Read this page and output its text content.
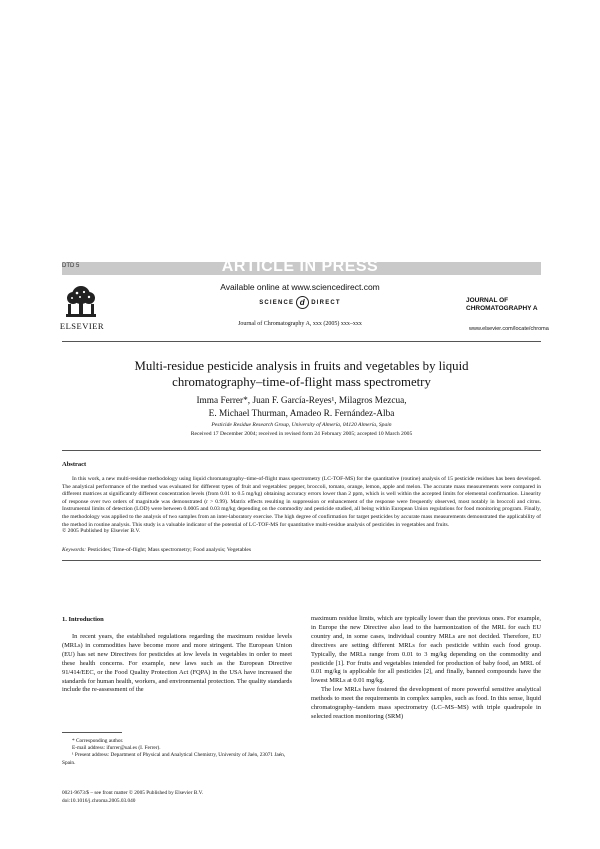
ARTICLE IN PRESS
DTD 5
ELSEVIER
Available online at www.sciencedirect.com
SCIENCE d DIRECT
Journal of Chromatography A, xxx (2005) xxx–xxx
JOURNAL OF
CHROMATOGRAPHY A
www.elsevier.com/locate/chroma
Multi-residue pesticide analysis in fruits and vegetables by liquid
chromatography–time-of-flight mass spectrometry
Imma Ferrer*, Juan F. García-Reyes¹, Milagros Mezcua,
E. Michael Thurman, Amadeo R. Fernández-Alba
Pesticide Residue Research Group, University of Almería, 04120 Almería, Spain
Received 17 December 2004; received in revised form 24 February 2005; accepted 10 March 2005
Abstract

In this work, a new multi-residue methodology using liquid chromatography–time-of-flight mass spectrometry (LC-TOF-MS) for the quantitative (routine) analysis of 15 pesticide residues has been developed. The analytical performance of the method was evaluated for different types of fruit and vegetables: pepper, broccoli, tomato, orange, lemon, apple and melon. The accurate mass measurements were compared in different matrices at significantly different concentration levels (from 0.01 to 0.5 mg/kg) obtaining accuracy errors lower than 2 ppm, which is well within the accepted limits for elemental confirmation. Linearity of response over two orders of magnitude was demonstrated (r > 0.99). Matrix effects resulting in suppression or enhancement of the response were frequently observed, most notably in broccoli and citrus. Instrumental limits of detection (LOD) were between 0.0005 and 0.03 mg/kg depending on the commodity and pesticide studied, all being within European Union regulations for food monitoring program. Finally, the methodology was applied to the analysis of two samples from an inter-laboratory exercise. The high degree of confirmation for target pesticides by accurate mass measurements demonstrated the applicability of the method in routine analysis. This study is a valuable indicator of the potential of LC-TOF-MS for quantitative multi-residue analysis of pesticides in vegetables and fruits.

© 2005 Published by Elsevier B.V.
Keywords: Pesticides; Time-of-flight; Mass spectrometry; Food analysis; Vegetables
1. Introduction
In recent years, the established regulations regarding the maximum residue levels (MRLs) in commodities have become more and more stringent. The European Union (EU) has set new Directives for pesticides at low levels in vegetables in order to meet these health concerns. For example, new laws such as the European Directive 91/414/EEC, or the Food Quality Protection Act (FQPA) in the USA have increased the standards for human health, workers, and environmental protection. The quality standards include the re-assessment of the
maximum residue limits, which are typically lower than the previous ones. For example, in Europe the new Directive also lead to the harmonization of the MRL for each EU country and, in some cases, individual country MRLs are not decided. Therefore, EU directives are setting different MRLs for each pesticide within each food group. Typically, the MRLs range from 0.01 to 3 mg/kg depending on the commodity and pesticide [1]. For fruits and vegetables intended for production of baby food, an MRL of 0.01 mg/kg is applicable for all pesticides [2], and finally, banned compounds have the lowest MRLs at 0.01 mg/kg.
The low MRLs have fostered the development of more powerful sensitive analytical methods to meet the requirements in complex samples, such as food. In this sense, liquid chromatography–tandem mass spectrometry (LC–MS–MS) with triple quadrupole in selected reaction monitoring (SRM)
* Corresponding author.
E-mail address: ifurrer@ual.es (I. Ferrer).
¹ Present address: Department of Physical and Analytical Chemistry, University of Jaén, 23071 Jaén, Spain.
0021-9673/$ – see front matter © 2005 Published by Elsevier B.V.
doi:10.1016/j.chroma.2005.03.040
